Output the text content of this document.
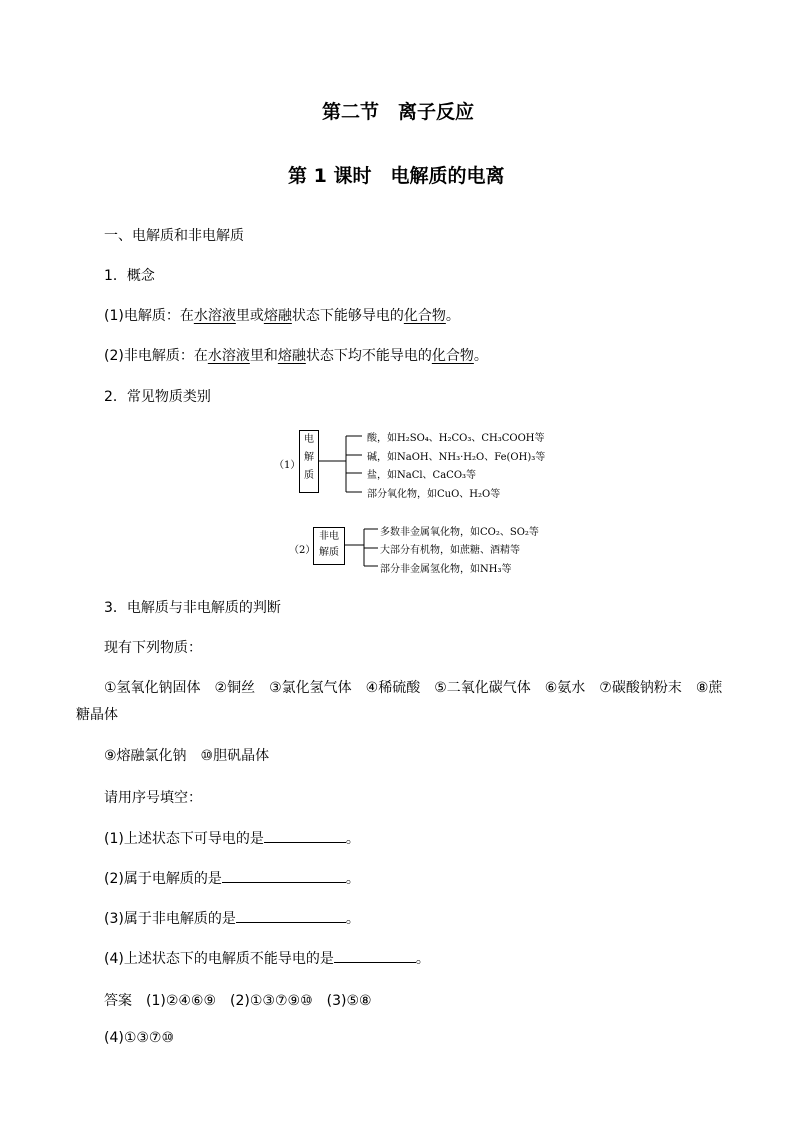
第二节　离子反应
第 1 课时　电解质的电离
一、电解质和非电解质
1．概念
(1)电解质：在水溶液里或熔融状态下能够导电的化合物。
(2)非电解质：在水溶液里和熔融状态下均不能导电的化合物。
2．常见物质类别
（1）
电
解
质
酸，如H₂SO₄、H₂CO₃、CH₃COOH等
碱，如NaOH、NH₃·H₂O、Fe(OH)₃等
盐，如NaCl、CaCO₃等
部分氧化物，如CuO、H₂O等
（2）
非电
解质
多数非金属氧化物，如CO₂、SO₂等
大部分有机物，如蔗糖、酒精等
部分非金属氢化物，如NH₃等
3．电解质与非电解质的判断
现有下列物质：
①氢氧化钠固体　②铜丝　③氯化氢气体　④稀硫酸　⑤二氧化碳气体　⑥氨水　⑦碳酸钠粉末　⑧蔗
糖晶体
⑨熔融氯化钠　⑩胆矾晶体
请用序号填空：
(1)上述状态下可导电的是	。
(2)属于电解质的是	。
(3)属于非电解质的是	。
(4)上述状态下的电解质不能导电的是	。
答案 (1)②④⑥⑨　(2)①③⑦⑨⑩　(3)⑤⑧
(4)①③⑦⑩
